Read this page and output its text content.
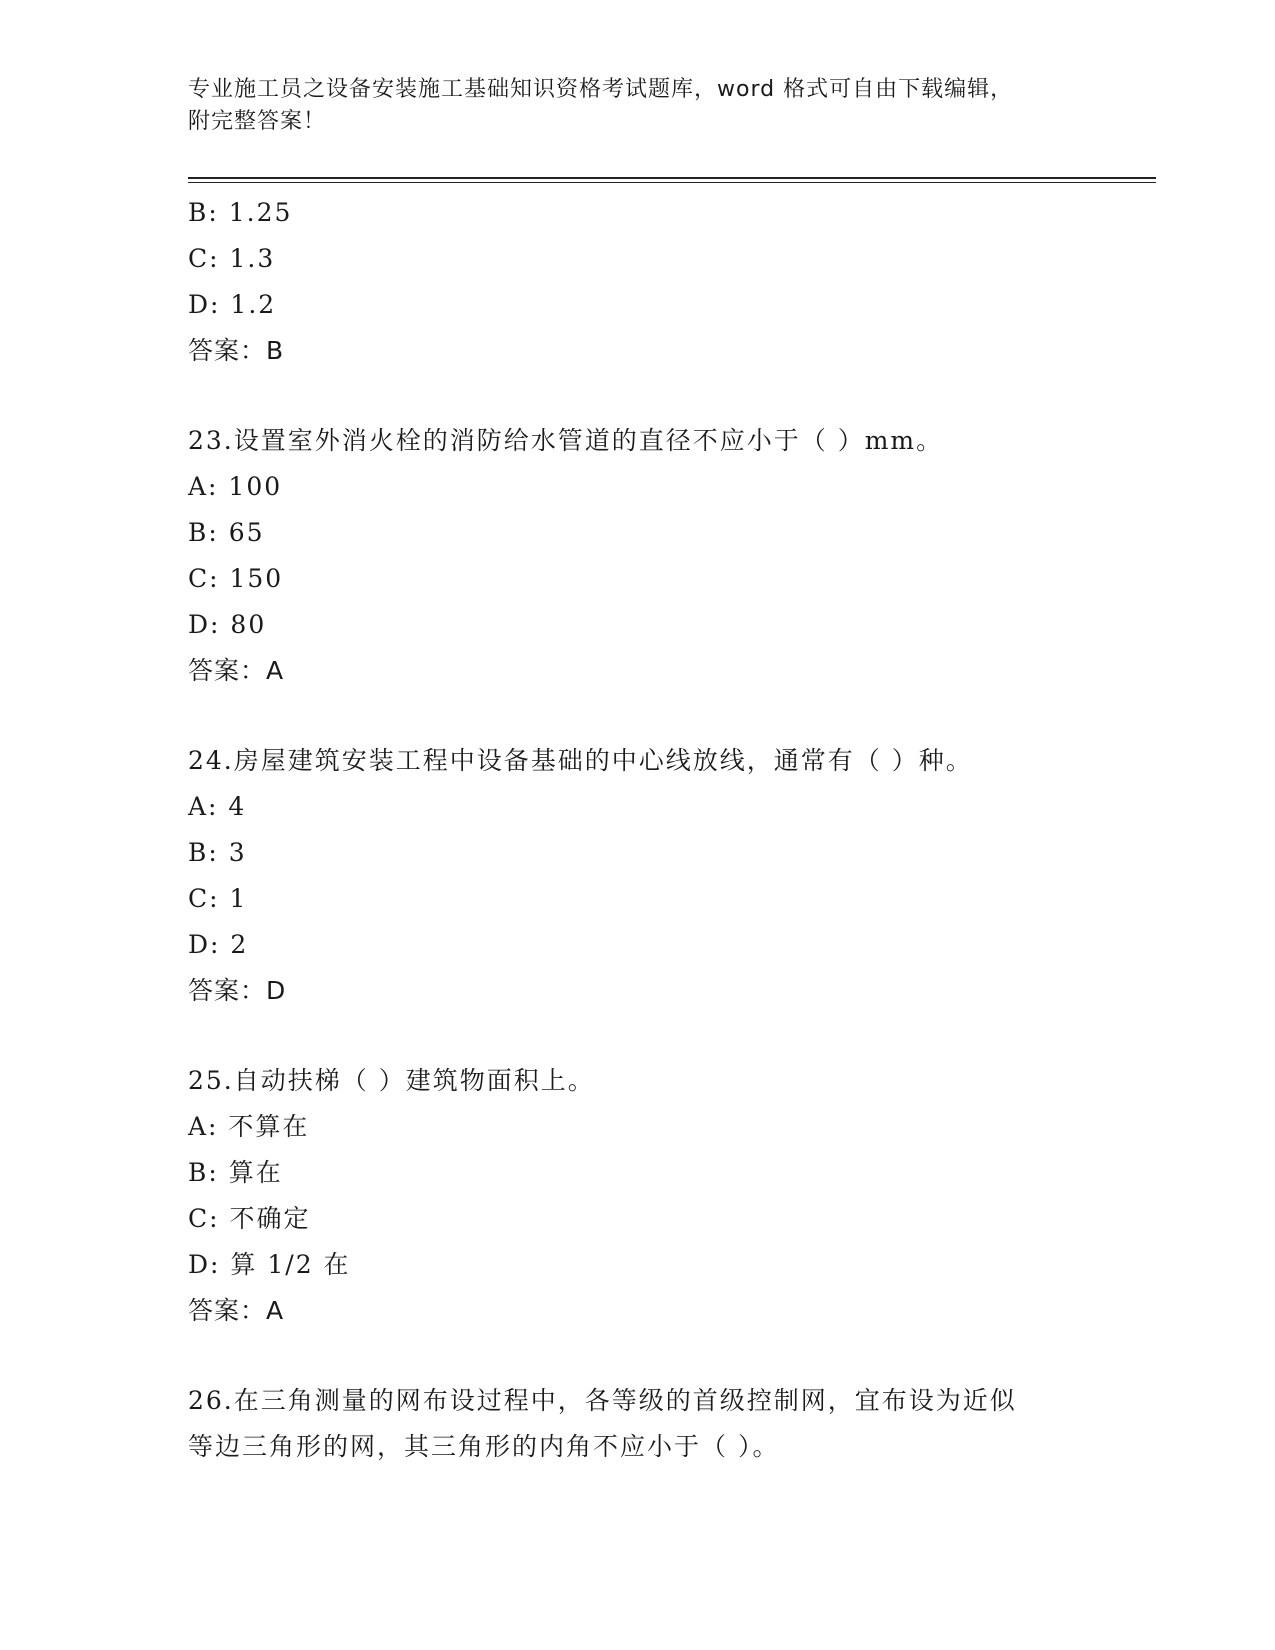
专业施工员之设备安装施工基础知识资格考试题库，word 格式可自由下载编辑，
附完整答案！
B: 1.25
C: 1.3
D: 1.2
答案：B
23.设置室外消火栓的消防给水管道的直径不应小于（ ）mm。
A: 100
B: 65
C: 150
D: 80
答案：A
24.房屋建筑安装工程中设备基础的中心线放线，通常有（ ）种。
A: 4
B: 3
C: 1
D: 2
答案：D
25.自动扶梯（ ）建筑物面积上。
A: 不算在
B: 算在
C: 不确定
D: 算 1/2 在
答案：A
26.在三角测量的网布设过程中，各等级的首级控制网，宜布设为近似
等边三角形的网，其三角形的内角不应小于（ ）。
